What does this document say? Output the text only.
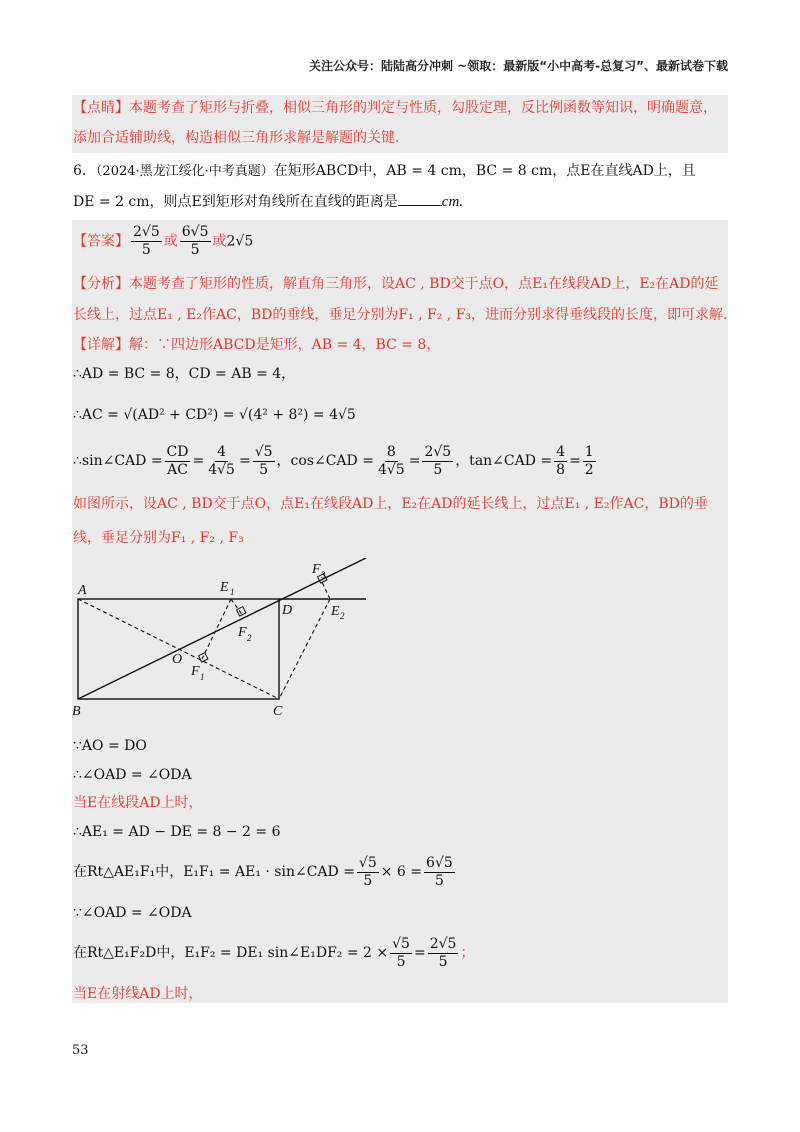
关注公众号：陆陆高分冲刺 ~领取：最新版“小中高考-总复习”、最新试卷下载
【点睛】本题考查了矩形与折叠，相似三角形的判定与性质，勾股定理，反比例函数等知识，明确题意，
添加合适辅助线，构造相似三角形求解是解题的关键.
6．（2024·黑龙江绥化·中考真题）在矩形ABCD中，AB = 4 cm，BC = 8 cm，点E在直线AD上，且
DE = 2 cm，则点E到矩形对角线所在直线的距离是	cm.
【答案】 $\frac{2√5}{5}$ 或 $\frac{6√5}{5}$ 或2√5
【分析】本题考查了矩形的性质，解直角三角形，设AC , BD交于点O，点E₁在线段AD上，E₂在AD的延
长线上，过点E₁ , E₂作AC，BD的垂线，垂足分别为F₁ , F₂ , F₃，进而分别求得垂线段的长度，即可求解.
【详解】解：∵四边形ABCD是矩形，AB = 4，BC = 8，
∴AD = BC = 8，CD = AB = 4，
∴AC = √(AD² + CD²) = √(4² + 8²) = 4√5
∴sin∠CAD = $\frac{CD}{AC} = \frac{4}{4√5} = \frac{√5}{5}$ ，cos∠CAD = $\frac{8}{4√5} = \frac{2√5}{5}$ ，tan∠CAD = $\frac{4}{8} = \frac{1}{2}$
如图所示，设AC , BD交于点O，点E₁在线段AD上，E₂在AD的延长线上，过点E₁ , E₂作AC，BD的垂
线，垂足分别为F₁ , F₂ , F₃
A
B	C
D
O
E 1
E 2
F 1
F 2
F 3
∵AO = DO
∴∠OAD = ∠ODA
当E在线段AD上时，
∴AE₁ = AD − DE = 8 − 2 = 6
在Rt△AE₁F₁中，E₁F₁ = AE₁ · sin∠CAD = $\frac{√5}{5} \times 6 = \frac{6√5}{5}$
∵∠OAD = ∠ODA
在Rt△E₁F₂D中，E₁F₂ = DE₁ sin∠E₁DF₂ = $2 \times \frac{√5}{5} = \frac{2√5}{5}$ ；
当E在射线AD上时，
53
